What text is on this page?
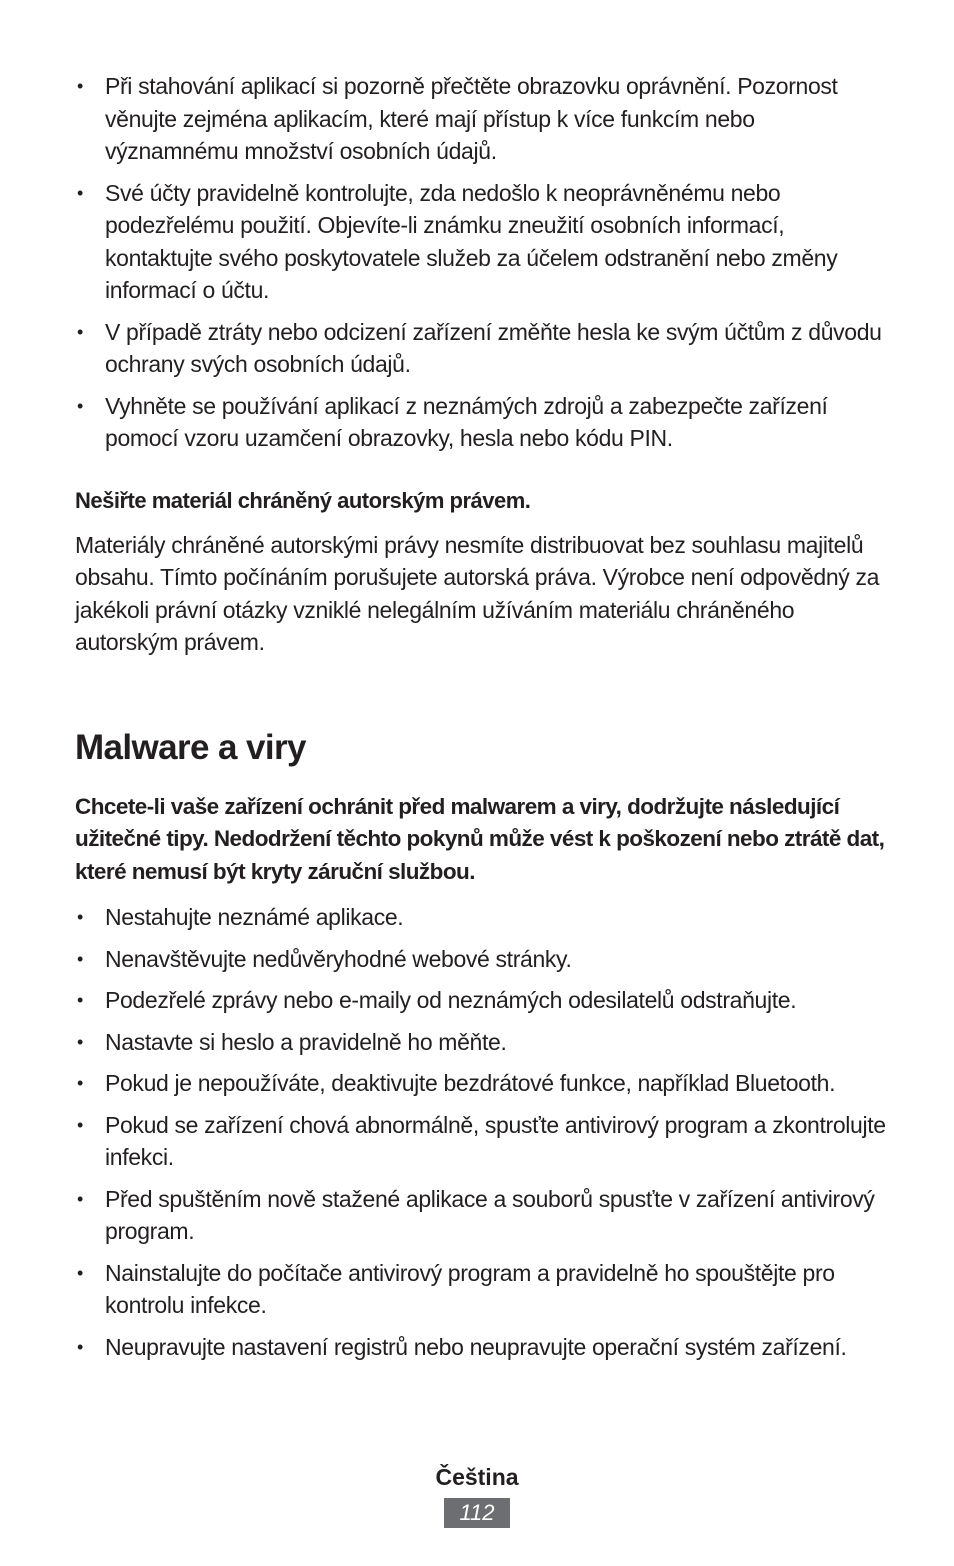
• Při stahování aplikací si pozorně přečtěte obrazovku oprávnění. Pozornost věnujte zejména aplikacím, které mají přístup k více funkcím nebo významnému množství osobních údajů.
• Své účty pravidelně kontrolujte, zda nedošlo k neoprávněnému nebo podezřelému použití. Objevíte-li známku zneužití osobních informací, kontaktujte svého poskytovatele služeb za účelem odstranění nebo změny informací o účtu.
• V případě ztráty nebo odcizení zařízení změňte hesla ke svým účtům z důvodu ochrany svých osobních údajů.
• Vyhněte se používání aplikací z neznámých zdrojů a zabezpečte zařízení pomocí vzoru uzamčení obrazovky, hesla nebo kódu PIN.
Nešiřte materiál chráněný autorským právem.

Materiály chráněné autorskými právy nesmíte distribuovat bez souhlasu majitelů obsahu. Tímto počínáním porušujete autorská práva. Výrobce není odpovědný za jakékoli právní otázky vzniklé nelegálním užíváním materiálu chráněného autorským právem.

Malware a viry

Chcete-li vaše zařízení ochránit před malwarem a viry, dodržujte následující užitečné tipy. Nedodržení těchto pokynů může vést k poškození nebo ztrátě dat, které nemusí být kryty záruční službou.

• Nestahujte neznámé aplikace.
• Nenavštěvujte nedůvěryhodné webové stránky.
• Podezřelé zprávy nebo e-maily od neznámých odesilatelů odstraňujte.
• Nastavte si heslo a pravidelně ho měňte.
• Pokud je nepoužíváte, deaktivujte bezdrátové funkce, například Bluetooth.
• Pokud se zařízení chová abnormálně, spusťte antivirový program a zkontrolujte infekci.
• Před spuštěním nově stažené aplikace a souborů spusťte v zařízení antivirový program.
• Nainstalujte do počítače antivirový program a pravidelně ho spouštějte pro kontrolu infekce.
• Neupravujte nastavení registrů nebo neupravujte operační systém zařízení.
Čeština
112
